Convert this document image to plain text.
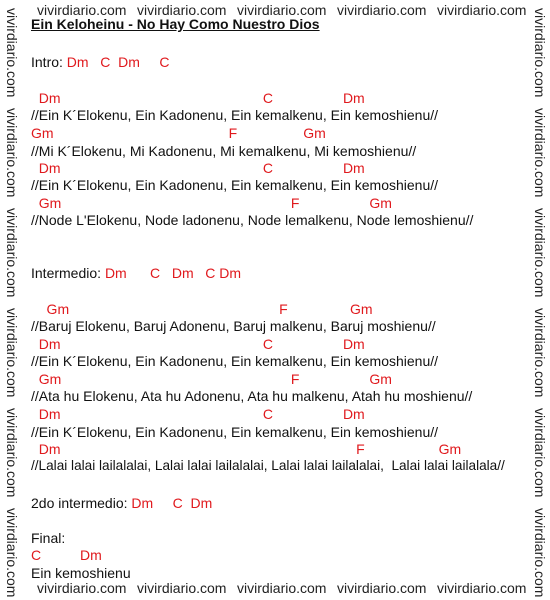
vivirdiario.com vivirdiario.com vivirdiario.com vivirdiario.com vivirdiario.com
vivirdiario.com vivirdiario.com vivirdiario.com vivirdiario.com vivirdiario.com
vivirdiario.com
vivirdiario.com
vivirdiario.com
vivirdiario.com
vivirdiario.com
vivirdiario.com
vivirdiario.com
vivirdiario.com
vivirdiario.com
vivirdiario.com
vivirdiario.com
vivirdiario.com
Ein Keloheinu - No Hay Como Nuestro Dios
Intro: Dm   C  Dm     C
Dm                                                    C                  Dm
//Ein K´Elokenu, Ein Kadonenu, Ein kemalkenu, Ein kemoshienu//
Gm                                             F                 Gm
//Mi K´Elokenu, Mi Kadonenu, Mi kemalkenu, Mi kemoshienu//
Dm                                                    C                  Dm
//Ein K´Elokenu, Ein Kadonenu, Ein kemalkenu, Ein kemoshienu//
Gm                                                           F                  Gm
//Node L'Elokenu, Node ladonenu, Node lemalkenu, Node lemoshienu//
Intermedio: Dm      C   Dm   C Dm
Gm                                                      F                Gm
//Baruj Elokenu, Baruj Adonenu, Baruj malkenu, Baruj moshienu//
Dm                                                    C                  Dm
//Ein K´Elokenu, Ein Kadonenu, Ein kemalkenu, Ein kemoshienu//
Gm                                                           F                  Gm
//Ata hu Elokenu, Ata hu Adonenu, Ata hu malkenu, Atah hu moshienu//
Dm                                                    C                  Dm
//Ein K´Elokenu, Ein Kadonenu, Ein kemalkenu, Ein kemoshienu//
Dm                                                                            F                   Gm
//Lalai lalai lailalalai, Lalai lalai lailalalai, Lalai lalai lailalalai,  Lalai lalai lailalala//
2do intermedio: Dm     C  Dm
Final:
C          Dm
Ein kemoshienu
